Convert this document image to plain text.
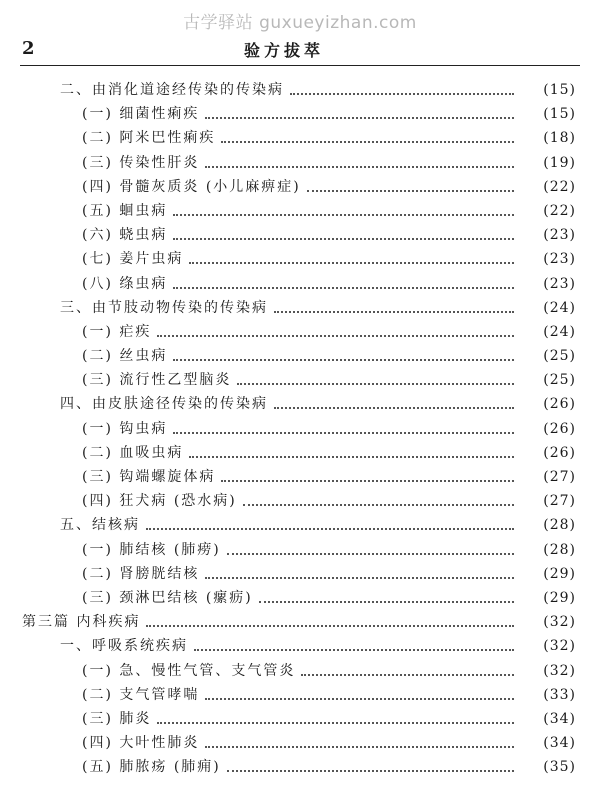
古学驿站 guxueyizhan.com
2	验方拔萃
二、由消化道途经传染的传染病	(15)
(一) 细菌性痢疾	(15)
(二) 阿米巴性痢疾	(18)
(三) 传染性肝炎	(19)
(四) 骨髓灰质炎 (小儿麻痹症)	(22)
(五) 蛔虫病	(22)
(六) 蛲虫病	(23)
(七) 姜片虫病	(23)
(八) 绦虫病	(23)
三、由节肢动物传染的传染病	(24)
(一) 疟疾	(24)
(二) 丝虫病	(25)
(三) 流行性乙型脑炎	(25)
四、由皮肤途径传染的传染病	(26)
(一) 钩虫病	(26)
(二) 血吸虫病	(26)
(三) 钩端螺旋体病	(27)
(四) 狂犬病 (恐水病)	(27)
五、结核病	(28)
(一) 肺结核 (肺痨)	(28)
(二) 肾膀胱结核	(29)
(三) 颈淋巴结核 (瘰疬)	(29)
第三篇 内科疾病	(32)
一、呼吸系统疾病	(32)
(一) 急、慢性气管、支气管炎	(32)
(二) 支气管哮喘	(33)
(三) 肺炎	(34)
(四) 大叶性肺炎	(34)
(五) 肺脓疡 (肺痈)	(35)
